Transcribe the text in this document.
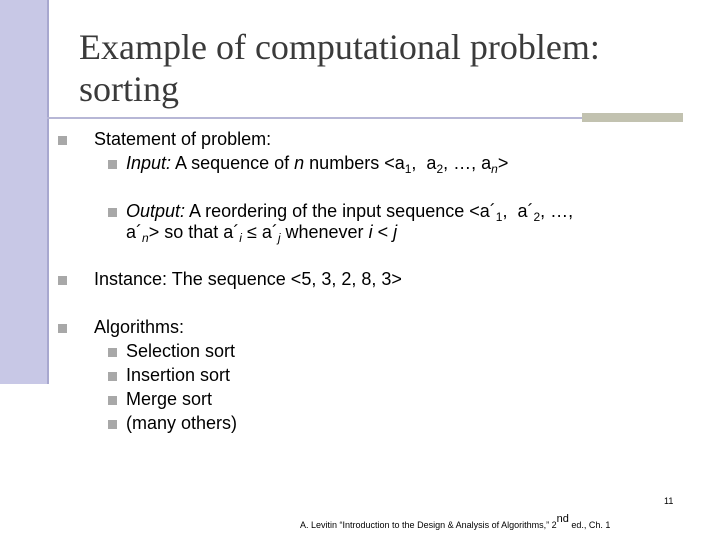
Example of computational problem:
sorting
Statement of problem:
Input: A sequence of n numbers $<a_1$,  $a_2$, …, $a_n>$
Output: A reordering of the input sequence $<a´_1$,  $a´_2$, …,
$a´_n>$ so that $a´_i$ ≤ $a´_j$ whenever i < j
Instance: The sequence <5, 3, 2, 8, 3>
Algorithms:
Selection sort
Insertion sort
Merge sort
(many others)
11
A. Levitin “Introduction to the Design & Analysis of Algorithms,” 2nd ed., Ch. 1
